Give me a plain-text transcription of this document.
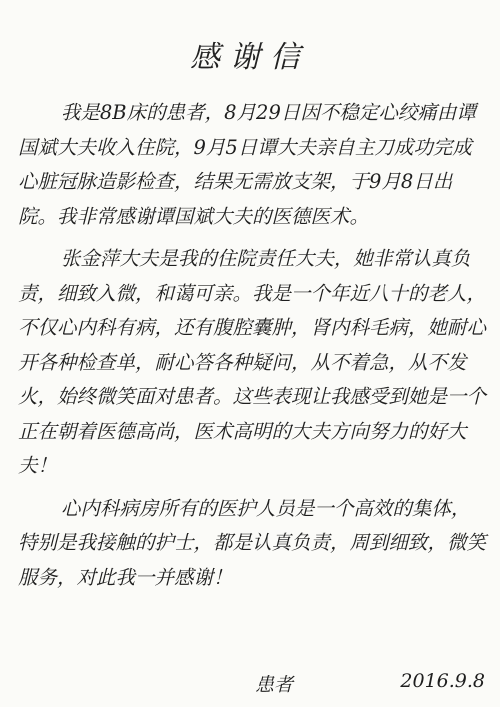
感谢信

我是8B床的患者，8月29日因不稳定心绞痛由谭国斌大夫收入住院，9月5日谭大夫亲自主刀成功完成心脏冠脉造影检查，结果无需放支架，于9月8日出院。我非常感谢谭国斌大夫的医德医术。

张金萍大夫是我的住院责任大夫，她非常认真负责，细致入微，和蔼可亲。我是一个年近八十的老人，不仅心内科有病，还有腹腔囊肿，肾内科毛病，她耐心开各种检查单，耐心答各种疑问，从不着急，从不发火，始终微笑面对患者。这些表现让我感受到她是一个正在朝着医德高尚，医术高明的大夫方向努力的好大夫！

心内科病房所有的医护人员是一个高效的集体，特别是我接触的护士，都是认真负责，周到细致，微笑服务，对此我一并感谢！

患者	2016.9.8
